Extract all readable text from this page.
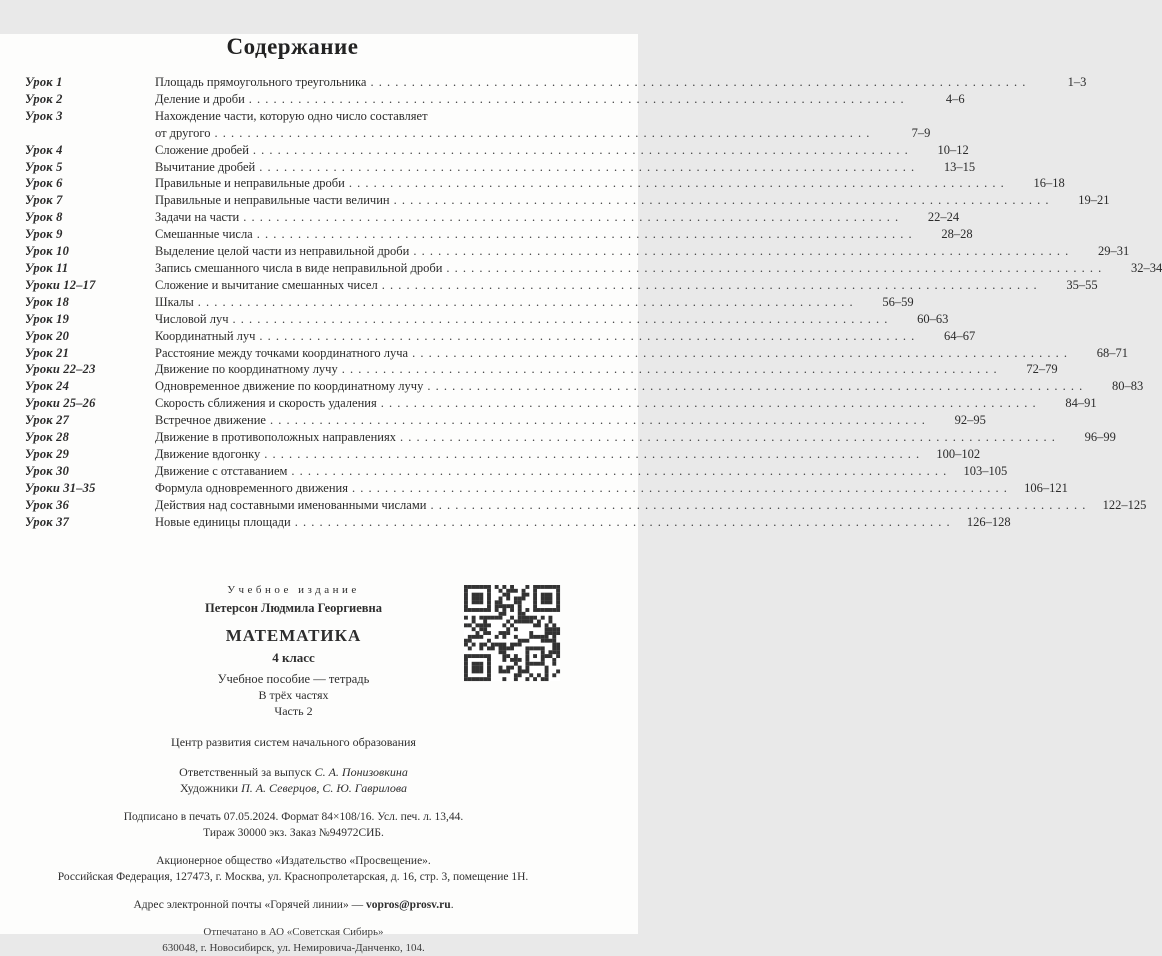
Содержание
Урок 1	Площадь прямоугольного треугольника . . .	1–3
Урок 2	Деление и дроби . . .	4–6
Урок 3	Нахождение части, которую одно число составляет
от другого . . .	7–9
Урок 4	Сложение дробей . . .	10–12
Урок 5	Вычитание дробей . . .	13–15
Урок 6	Правильные и неправильные дроби . . .	16–18
Урок 7	Правильные и неправильные части величин . . .	19–21
Урок 8	Задачи на части . . .	22–24
Урок 9	Смешанные числа . . .	28–28
Урок 10	Выделение целой части из неправильной дроби . . .	29–31
Урок 11	Запись смешанного числа в виде неправильной дроби . . .	32–34
Уроки 12–17	Сложение и вычитание смешанных чисел . . .	35–55
Урок 18	Шкалы . . .	56–59
Урок 19	Числовой луч . . .	60–63
Урок 20	Координатный луч . . .	64–67
Урок 21	Расстояние между точками координатного луча . . .	68–71
Уроки 22–23	Движение по координатному лучу . . .	72–79
Урок 24	Одновременное движение по координатному лучу . . .	80–83
Уроки 25–26	Скорость сближения и скорость удаления . . .	84–91
Урок 27	Встречное движение . . .	92–95
Урок 28	Движение в противоположных направлениях . . .	96–99
Урок 29	Движение вдогонку . . .	100–102
Урок 30	Движение с отставанием . . .	103–105
Уроки 31–35	Формула одновременного движения . . .	106–121
Урок 36	Действия над составными именованными числами . . .	122–125
Урок 37	Новые единицы площади . . .	126–128
Учебное издание
Петерсон Людмила Георгиевна
МАТЕМАТИКА
4 класс
Учебное пособие — тетрадь
В трёх частях
Часть 2
Центр развития систем начального образования
Ответственный за выпуск С. А. Понизовкина
Художники П. А. Северцов, С. Ю. Гаврилова
Подписано в печать 07.05.2024. Формат 84×108/16. Усл. печ. л. 13,44.
Тираж 30000 экз. Заказ №94972СИБ.
Акционерное общество «Издательство «Просвещение».
Российская Федерация, 127473, г. Москва, ул. Краснопролетарская, д. 16, стр. 3, помещение 1Н.
Адрес электронной почты «Горячей линии» — vopros@prosv.ru.
Отпечатано в АО «Советская Сибирь»
630048, г. Новосибирск, ул. Немировича-Данченко, 104.
